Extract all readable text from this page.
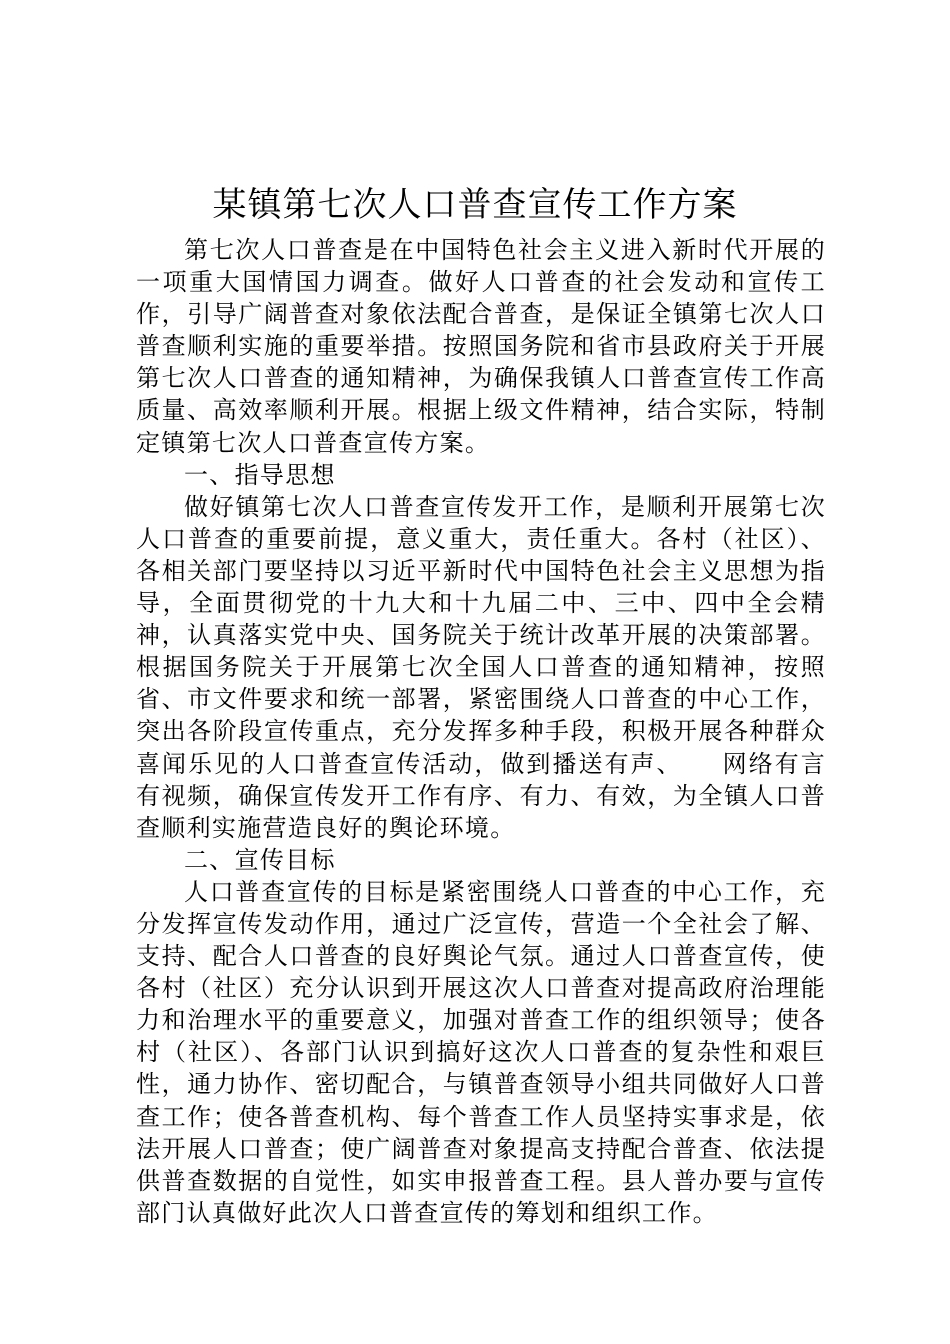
某镇第七次人口普查宣传工作方案

第七次人口普查是在中国特色社会主义进入新时代开展的一项重大国情国力调查。做好人口普查的社会发动和宣传工作，引导广阔普查对象依法配合普查，是保证全镇第七次人口普查顺利实施的重要举措。按照国务院和省市县政府关于开展第七次人口普查的通知精神，为确保我镇人口普查宣传工作高质量、高效率顺利开展。根据上级文件精神，结合实际，特制定镇第七次人口普查宣传方案。

一、指导思想

做好镇第七次人口普查宣传发开工作，是顺利开展第七次人口普查的重要前提，意义重大，责任重大。各村（社区）、各相关部门要坚持以习近平新时代中国特色社会主义思想为指导，全面贯彻党的十九大和十九届二中、三中、四中全会精神，认真落实党中央、国务院关于统计改革开展的决策部署。根据国务院关于开展第七次全国人口普查的通知精神，按照省、市文件要求和统一部署，紧密围绕人口普查的中心工作，突出各阶段宣传重点，充分发挥多种手段，积极开展各种群众喜闻乐见的人口普查宣传活动，做到播送有声、　　网络有言有视频，确保宣传发开工作有序、有力、有效，为全镇人口普查顺利实施营造良好的舆论环境。

二、宣传目标

人口普查宣传的目标是紧密围绕人口普查的中心工作，充分发挥宣传发动作用，通过广泛宣传，营造一个全社会了解、支持、配合人口普查的良好舆论气氛。通过人口普查宣传，使各村（社区）充分认识到开展这次人口普查对提高政府治理能力和治理水平的重要意义，加强对普查工作的组织领导；使各村（社区）、各部门认识到搞好这次人口普查的复杂性和艰巨性，通力协作、密切配合，与镇普查领导小组共同做好人口普查工作；使各普查机构、每个普查工作人员坚持实事求是，依法开展人口普查；使广阔普查对象提高支持配合普查、依法提供普查数据的自觉性，如实申报普查工程。县人普办要与宣传部门认真做好此次人口普查宣传的筹划和组织工作。
